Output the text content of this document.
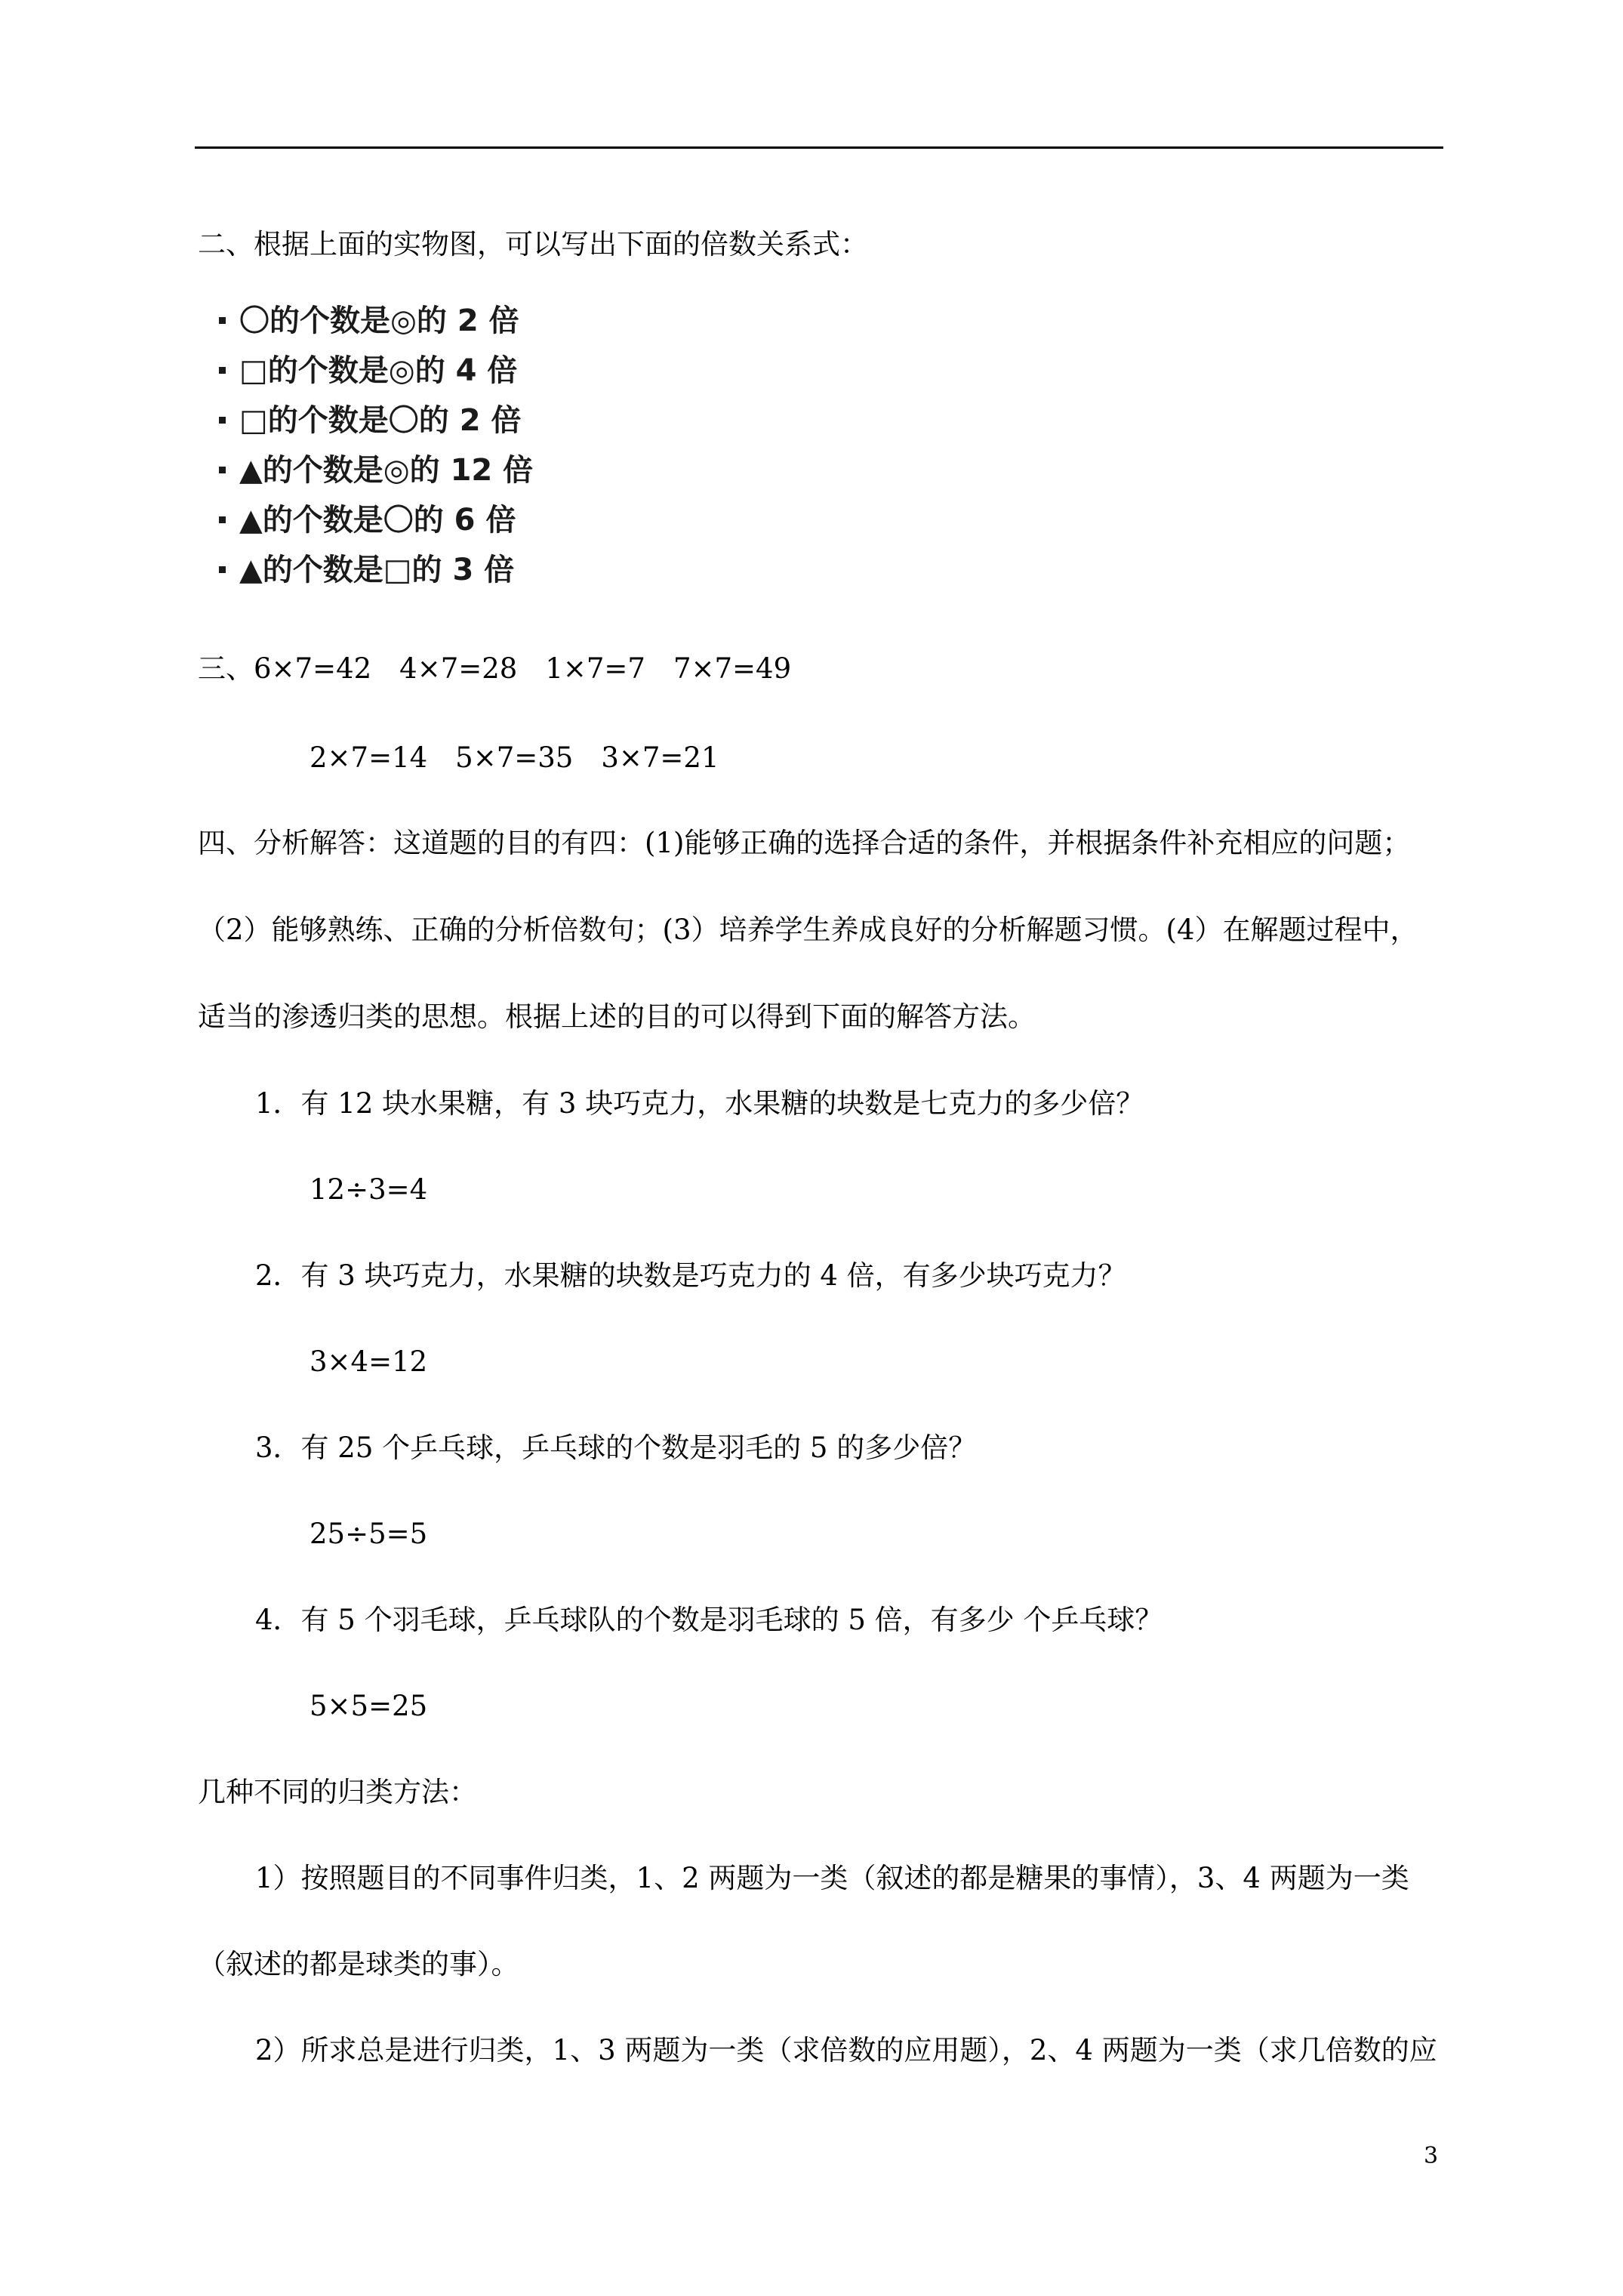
二、根据上面的实物图，可以写出下面的倍数关系式：
〇的个数是◎的 2 倍
□的个数是◎的 4 倍
□的个数是〇的 2 倍
▲的个数是◎的 12 倍
▲的个数是〇的 6 倍
▲的个数是□的 3 倍
三、6×7=42　4×7=28　1×7=7　7×7=49
2×7=14　5×7=35　3×7=21
四、分析解答：这道题的目的有四：(1)能够正确的选择合适的条件，并根据条件补充相应的问题；
（2）能够熟练、正确的分析倍数句；(3）培养学生养成良好的分析解题习惯。(4）在解题过程中，
适当的渗透归类的思想。根据上述的目的可以得到下面的解答方法。
1．有 12 块水果糖，有 3 块巧克力，水果糖的块数是七克力的多少倍？
12÷3=4
2．有 3 块巧克力，水果糖的块数是巧克力的 4 倍，有多少块巧克力？
3×4=12
3．有 25 个乒乓球，乒乓球的个数是羽毛的 5 的多少倍？
25÷5=5
4．有 5 个羽毛球，乒乓球队的个数是羽毛球的 5 倍，有多少 个乒乓球？
5×5=25
几种不同的归类方法：
1）按照题目的不同事件归类，1、2 两题为一类（叙述的都是糖果的事情），3、4 两题为一类
（叙述的都是球类的事）。
2）所求总是进行归类，1、3 两题为一类（求倍数的应用题），2、4 两题为一类（求几倍数的应
3
